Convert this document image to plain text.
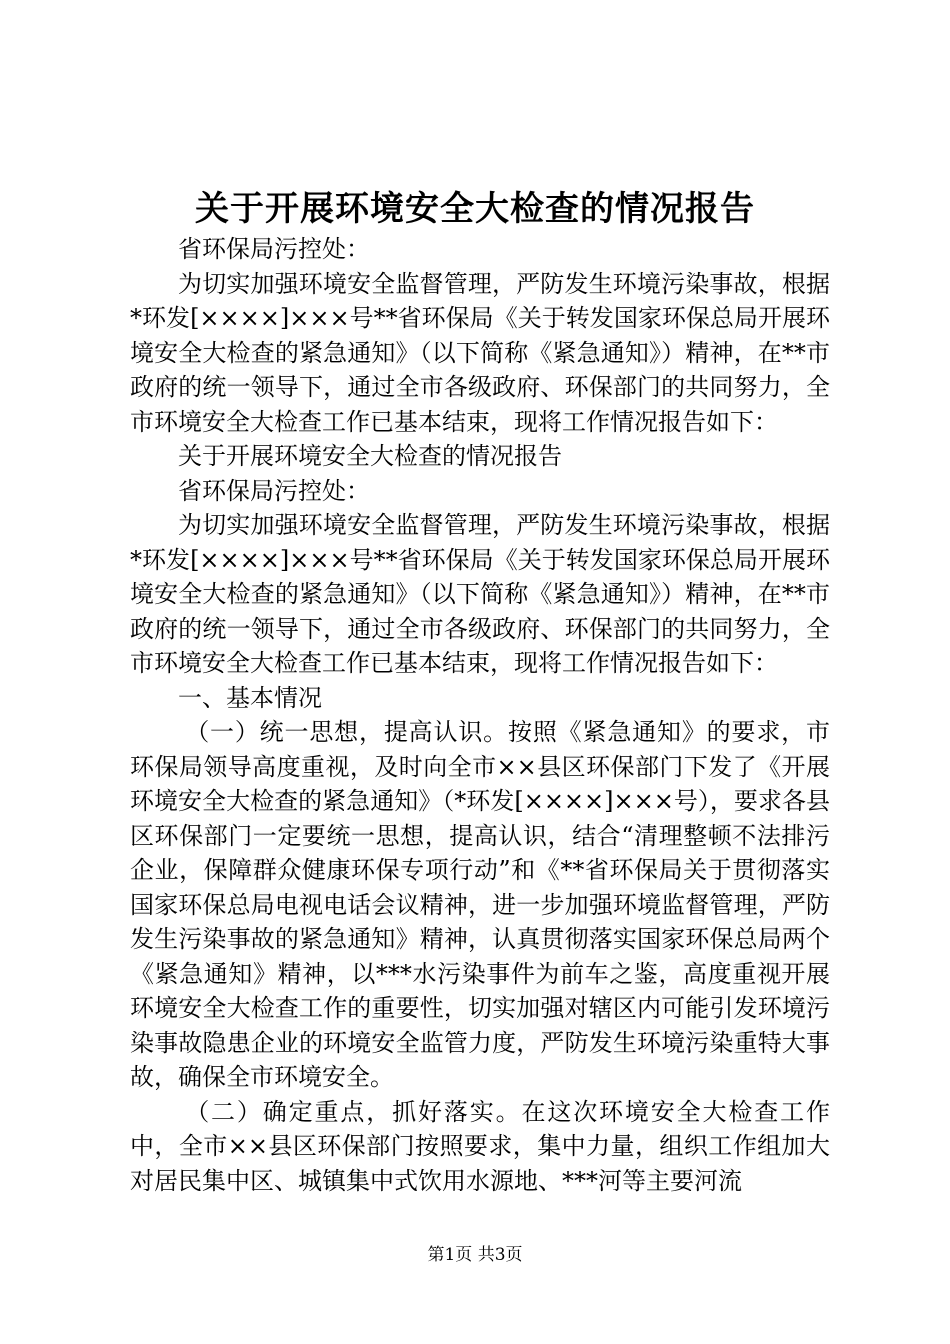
关于开展环境安全大检查的情况报告

省环保局污控处：

为切实加强环境安全监督管理，严防发生环境污染事故，根据*环发[××××]×××号**省环保局《关于转发国家环保总局开展环境安全大检查的紧急通知》（以下简称《紧急通知》）精神，在**市政府的统一领导下，通过全市各级政府、环保部门的共同努力，全市环境安全大检查工作已基本结束，现将工作情况报告如下：

关于开展环境安全大检查的情况报告

省环保局污控处：

为切实加强环境安全监督管理，严防发生环境污染事故，根据*环发[××××]×××号**省环保局《关于转发国家环保总局开展环境安全大检查的紧急通知》（以下简称《紧急通知》）精神，在**市政府的统一领导下，通过全市各级政府、环保部门的共同努力，全市环境安全大检查工作已基本结束，现将工作情况报告如下：

一、基本情况

（一）统一思想，提高认识。按照《紧急通知》的要求，市环保局领导高度重视，及时向全市××县区环保部门下发了《开展环境安全大检查的紧急通知》（*环发[××××]×××号），要求各县区环保部门一定要统一思想，提高认识，结合“清理整顿不法排污企业，保障群众健康环保专项行动”和《**省环保局关于贯彻落实国家环保总局电视电话会议精神，进一步加强环境监督管理，严防发生污染事故的紧急通知》精神，认真贯彻落实国家环保总局两个《紧急通知》精神，以***水污染事件为前车之鉴，高度重视开展环境安全大检查工作的重要性，切实加强对辖区内可能引发环境污染事故隐患企业的环境安全监管力度，严防发生环境污染重特大事故，确保全市环境安全。

（二）确定重点，抓好落实。在这次环境安全大检查工作中，全市××县区环保部门按照要求，集中力量，组织工作组加大对居民集中区、城镇集中式饮用水源地、***河等主要河流

第1页 共3页
